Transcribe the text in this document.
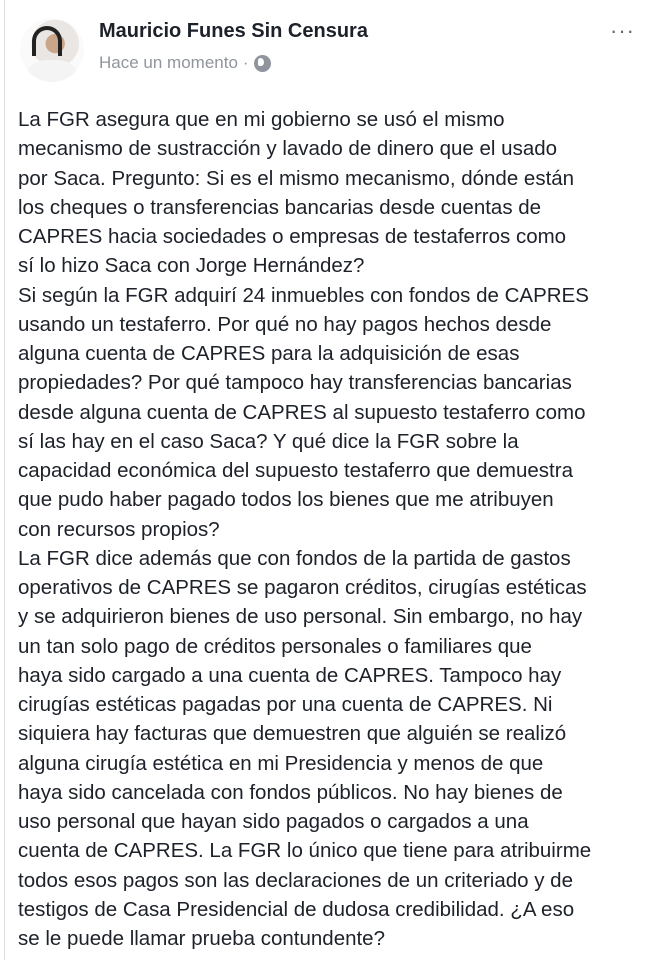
Mauricio Funes Sin Censura
Hace un momento ·
···
La FGR asegura que en mi gobierno se usó el mismo
mecanismo de sustracción y lavado de dinero que el usado
por Saca. Pregunto: Si es el mismo mecanismo, dónde están
los cheques o transferencias bancarias desde cuentas de
CAPRES hacia sociedades o empresas de testaferros como
sí lo hizo Saca con Jorge Hernández?
Si según la FGR adquirí 24 inmuebles con fondos de CAPRES
usando un testaferro. Por qué no hay pagos hechos desde
alguna cuenta de CAPRES para la adquisición de esas
propiedades? Por qué tampoco hay transferencias bancarias
desde alguna cuenta de CAPRES al supuesto testaferro como
sí las hay en el caso Saca? Y qué dice la FGR sobre la
capacidad económica del supuesto testaferro que demuestra
que pudo haber pagado todos los bienes que me atribuyen
con recursos propios?
La FGR dice además que con fondos de la partida de gastos
operativos de CAPRES se pagaron créditos, cirugías estéticas
y se adquirieron bienes de uso personal. Sin embargo, no hay
un tan solo pago de créditos personales o familiares que
haya sido cargado a una cuenta de CAPRES. Tampoco hay
cirugías estéticas pagadas por una cuenta de CAPRES. Ni
siquiera hay facturas que demuestren que alguién se realizó
alguna cirugía estética en mi Presidencia y menos de que
haya sido cancelada con fondos públicos. No hay bienes de
uso personal que hayan sido pagados o cargados a una
cuenta de CAPRES. La FGR lo único que tiene para atribuirme
todos esos pagos son las declaraciones de un criteriado y de
testigos de Casa Presidencial de dudosa credibilidad. ¿A eso
se le puede llamar prueba contundente?
